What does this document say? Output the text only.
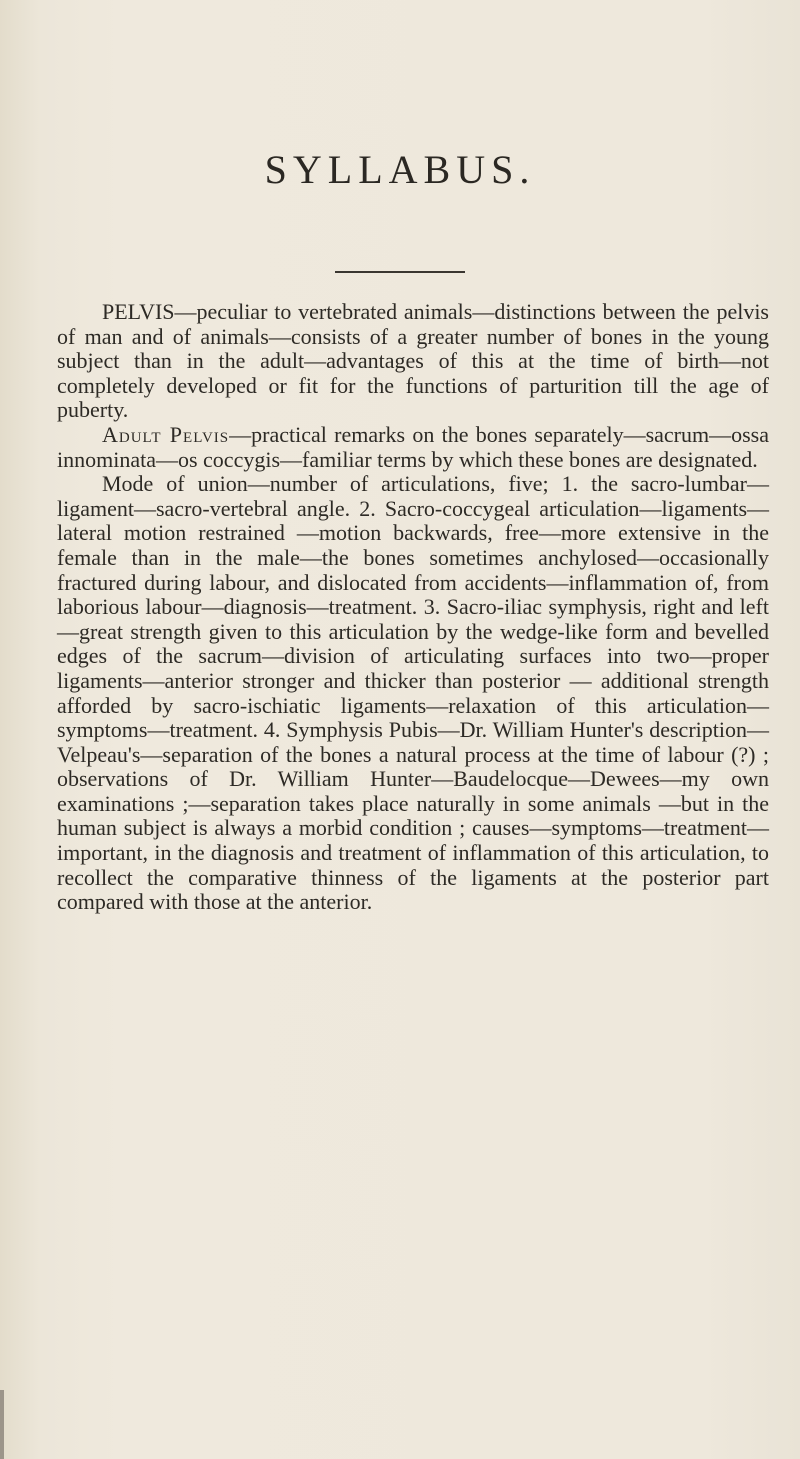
SYLLABUS.

PELVIS—peculiar to vertebrated animals—distinctions between the pelvis of man and of animals—consists of a greater number of bones in the young subject than in the adult—advantages of this at the time of birth—not completely developed or fit for the functions of parturition till the age of puberty.

Adult Pelvis—practical remarks on the bones separately—sacrum—ossa innominata—os coccygis—familiar terms by which these bones are designated.

Mode of union—number of articulations, five; 1. the sacro-lumbar—ligament—sacro-vertebral angle. 2. Sacro-coccygeal articulation—ligaments—lateral motion restrained —motion backwards, free—more extensive in the female than in the male—the bones sometimes anchylosed—occasionally fractured during labour, and dislocated from accidents—inflammation of, from laborious labour—diagnosis—treatment. 3. Sacro-iliac symphysis, right and left—great strength given to this articulation by the wedge-like form and bevelled edges of the sacrum—division of articulating surfaces into two—proper ligaments—anterior stronger and thicker than posterior — additional strength afforded by sacro-ischiatic ligaments—relaxation of this articulation—symptoms—treatment. 4. Symphysis Pubis—Dr. William Hunter's description—Velpeau's—separation of the bones a natural process at the time of labour (?) ; observations of Dr. William Hunter—Baudelocque—Dewees—my own examinations ;—separation takes place naturally in some animals —but in the human subject is always a morbid condition ; causes—symptoms—treatment—important, in the diagnosis and treatment of inflammation of this articulation, to recollect the comparative thinness of the ligaments at the posterior part compared with those at the anterior.
